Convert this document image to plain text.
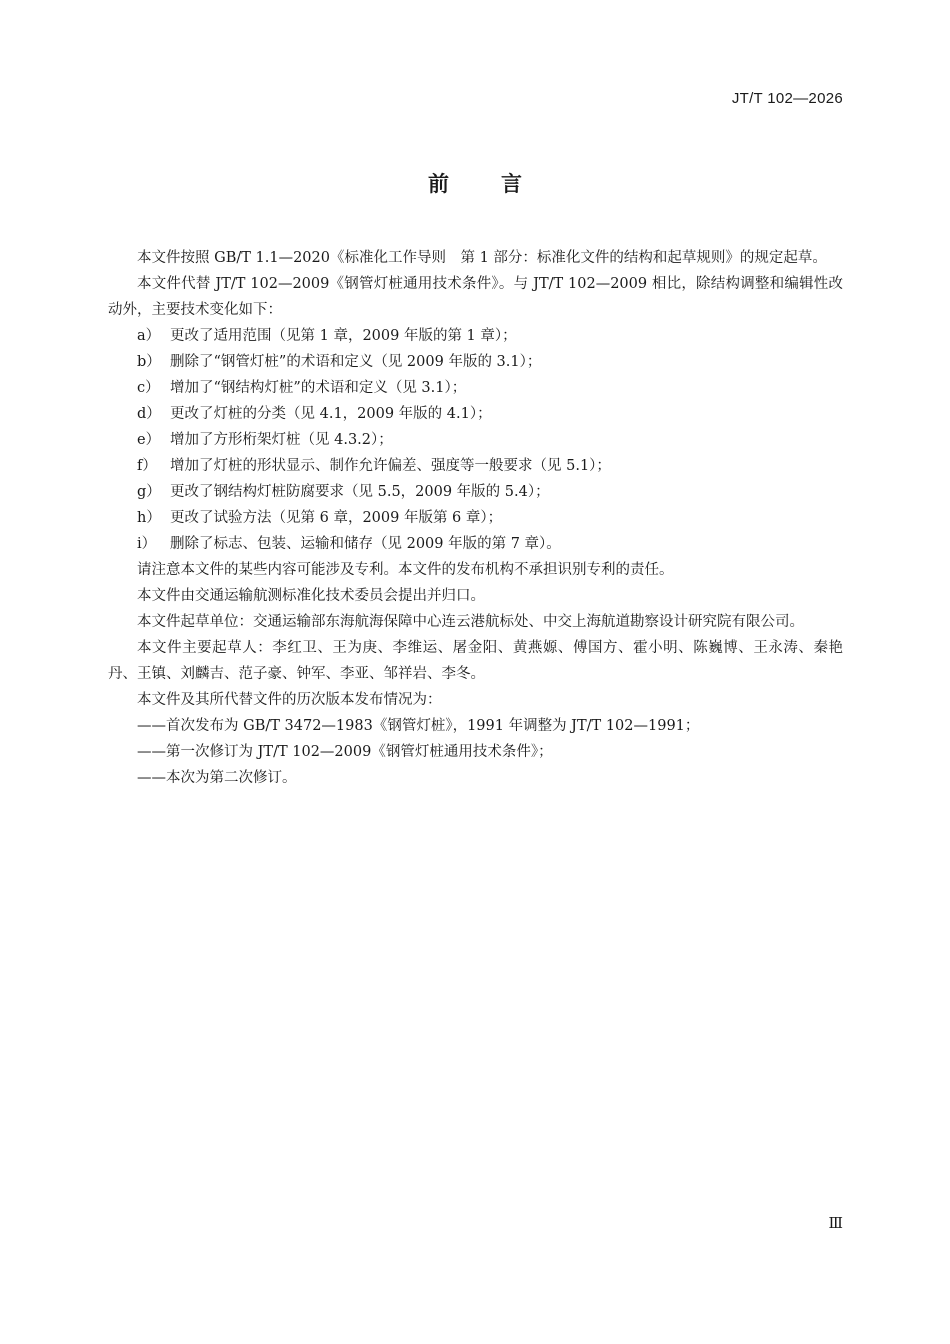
JT/T 102—2026
前言

本文件按照 GB/T 1.1—2020《标准化工作导则　第 1 部分：标准化文件的结构和起草规则》的规定起草。

本文件代替 JT/T 102—2009《钢管灯桩通用技术条件》。与 JT/T 102—2009 相比，除结构调整和编辑性改动外，主要技术变化如下：

a） 更改了适用范围（见第 1 章，2009 年版的第 1 章）；

b） 删除了“钢管灯桩”的术语和定义（见 2009 年版的 3.1）；

c） 增加了“钢结构灯桩”的术语和定义（见 3.1）；

d） 更改了灯桩的分类（见 4.1，2009 年版的 4.1）；

e） 增加了方形桁架灯桩（见 4.3.2）；

f） 增加了灯桩的形状显示、制作允许偏差、强度等一般要求（见 5.1）；

g） 更改了钢结构灯桩防腐要求（见 5.5，2009 年版的 5.4）；

h） 更改了试验方法（见第 6 章，2009 年版第 6 章）；

i） 删除了标志、包装、运输和储存（见 2009 年版的第 7 章）。

请注意本文件的某些内容可能涉及专利。本文件的发布机构不承担识别专利的责任。

本文件由交通运输航测标准化技术委员会提出并归口。

本文件起草单位：交通运输部东海航海保障中心连云港航标处、中交上海航道勘察设计研究院有限公司。

本文件主要起草人：李红卫、王为庚、李维运、屠金阳、黄燕嫄、傅国方、霍小明、陈巍博、王永涛、秦艳丹、王镇、刘麟吉、范子豪、钟军、李亚、邹祥岩、李冬。

本文件及其所代替文件的历次版本发布情况为：

——首次发布为 GB/T 3472—1983《钢管灯桩》，1991 年调整为 JT/T 102—1991；

——第一次修订为 JT/T 102—2009《钢管灯桩通用技术条件》；

——本次为第二次修订。

Ⅲ
